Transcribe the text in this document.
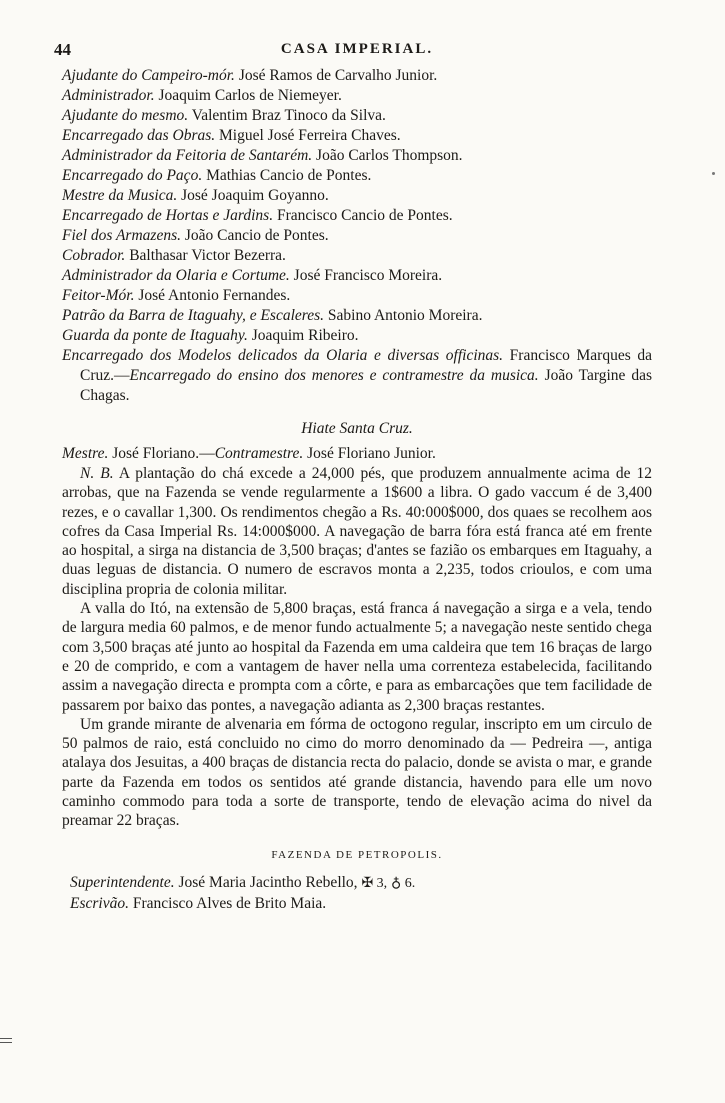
44	CASA IMPERIAL.
Ajudante do Campeiro-mór. José Ramos de Carvalho Junior.
Administrador. Joaquim Carlos de Niemeyer.
Ajudante do mesmo. Valentim Braz Tinoco da Silva.
Encarregado das Obras. Miguel José Ferreira Chaves.
Administrador da Feitoria de Santarém. João Carlos Thompson.
Encarregado do Paço. Mathias Cancio de Pontes.
Mestre da Musica. José Joaquim Goyanno.
Encarregado de Hortas e Jardins. Francisco Cancio de Pontes.
Fiel dos Armazens. João Cancio de Pontes.
Cobrador. Balthasar Victor Bezerra.
Administrador da Olaria e Cortume. José Francisco Moreira.
Feitor-Mór. José Antonio Fernandes.
Patrão da Barra de Itaguahy, e Escaleres. Sabino Antonio Moreira.
Guarda da ponte de Itaguahy. Joaquim Ribeiro.
Encarregado dos Modelos delicados da Olaria e diversas officinas. Francisco Marques da Cruz.—Encarregado do ensino dos menores e contramestre da musica. João Targine das Chagas.
Hiate Santa Cruz.
Mestre. José Floriano.—Contramestre. José Floriano Junior.

N. B. A plantação do chá excede a 24,000 pés, que produzem annualmente acima de 12 arrobas, que na Fazenda se vende regularmente a 1$600 a libra. O gado vaccum é de 3,400 rezes, e o cavallar 1,300. Os rendimentos chegão a Rs. 40:000$000, dos quaes se recolhem aos cofres da Casa Imperial Rs. 14:000$000. A navegação de barra fóra está franca até em frente ao hospital, a sirga na distancia de 3,500 braças; d'antes se fazião os embarques em Itaguahy, a duas leguas de distancia. O numero de escravos monta a 2,235, todos crioulos, e com uma disciplina propria de colonia militar.

A valla do Itó, na extensão de 5,800 braças, está franca á navegação a sirga e a vela, tendo de largura media 60 palmos, e de menor fundo actualmente 5; a navegação neste sentido chega com 3,500 braças até junto ao hospital da Fazenda em uma caldeira que tem 16 braças de largo e 20 de comprido, e com a vantagem de haver nella uma correnteza estabelecida, facilitando assim a navegação directa e prompta com a côrte, e para as embarcações que tem facilidade de passarem por baixo das pontes, a navegação adianta as 2,300 braças restantes.

Um grande mirante de alvenaria em fórma de octogono regular, inscripto em um circulo de 50 palmos de raio, está concluido no cimo do morro denominado da — Pedreira —, antiga atalaya dos Jesuitas, a 400 braças de distancia recta do palacio, donde se avista o mar, e grande parte da Fazenda em todos os sentidos até grande distancia, havendo para elle um novo caminho commodo para toda a sorte de transporte, tendo de elevação acima do nivel da preamar 22 braças.

FAZENDA DE PETROPOLIS.
Superintendente. José Maria Jacintho Rebello, ✠ 3, ♁ 6.
Escrivão. Francisco Alves de Brito Maia.
